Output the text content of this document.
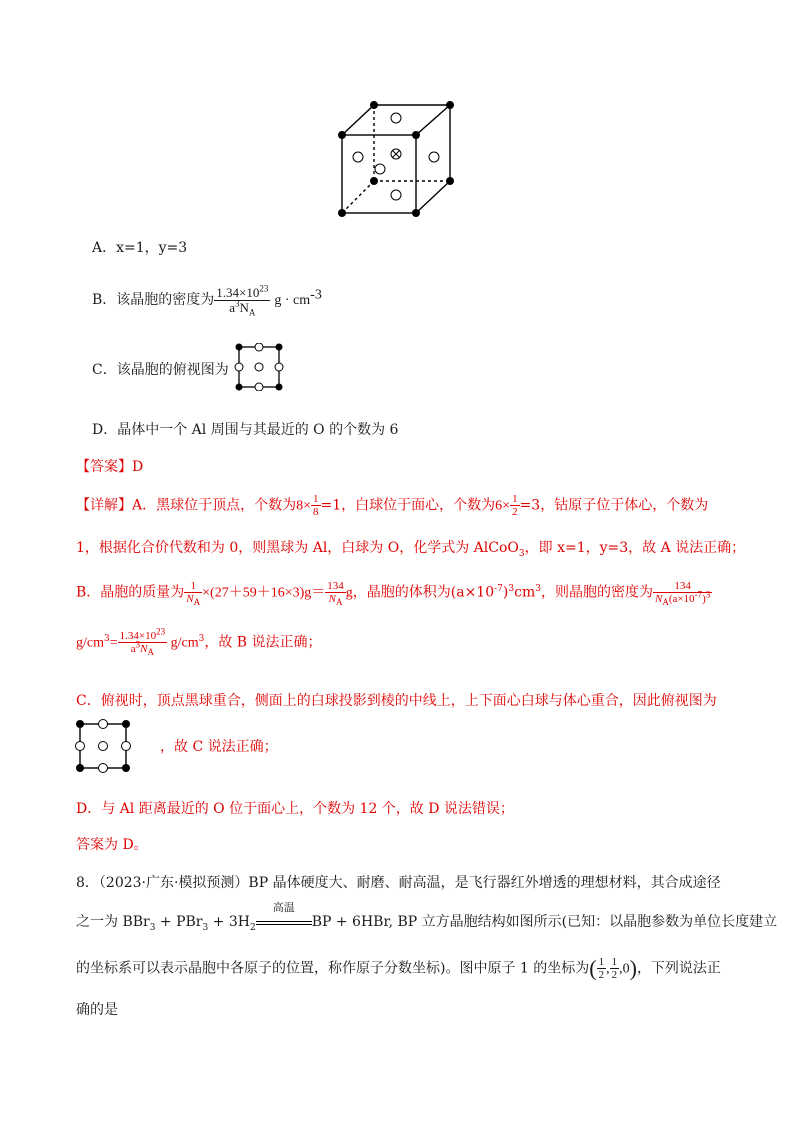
A．x=1，y=3
B．该晶胞的密度为 $\frac{1.34\times 10^{23}}{a^3N_A}$ $g \cdot cm^{-3}$
C．该晶胞的俯视图为
D．晶体中一个 Al 周围与其最近的 O 的个数为 6
【答案】D
【详解】A．黑球位于顶点，个数为$8\times \frac{1}{8} =1$，白球位于面心，个数为$6\times \frac{1}{2} =3$，钴原子位于体心，个数为
1，根据化合价代数和为 0，则黑球为 Al，白球为 O，化学式为 AlCoO$_3$，即 x=1，y=3，故 A 说法正确；
B．晶胞的质量为 $\frac{1}{N_A} \times(27+59+16\times 3)g= \frac{134}{N_A}$ g，晶胞的体积为$(a\times 10^{-7})^3cm^3$，则晶胞的密度为 $\frac{134}{N_A(a\times 10^{-7})^3}$
$g/cm^3= \frac{1.34\times 10^{23}}{a^3N_A} g/cm^3$，故 B 说法正确；
C．俯视时，顶点黑球重合，侧面上的白球投影到棱的中线上，上下面心白球与体心重合，因此俯视图为
，故 C 说法正确；
D．与 Al 距离最近的 O 位于面心上，个数为 12 个，故 D 说法错误；
答案为 D。
8．（2023·广东·模拟预测）BP 晶体硬度大、耐磨、耐高温，是飞行器红外增透的理想材料，其合成途径
之一为 $BBr_3 + PBr_3 + 3H_2$
高温
BP + 6HBr, BP 立方晶胞结构如图所示(已知：以晶胞参数为单位长度建立
的坐标系可以表示晶胞中各原子的位置，称作原子分数坐标)。图中原子 1 的坐标为( $\frac{1}{2}$ , $\frac{1}{2} ,0$)，下列说法正
确的是
